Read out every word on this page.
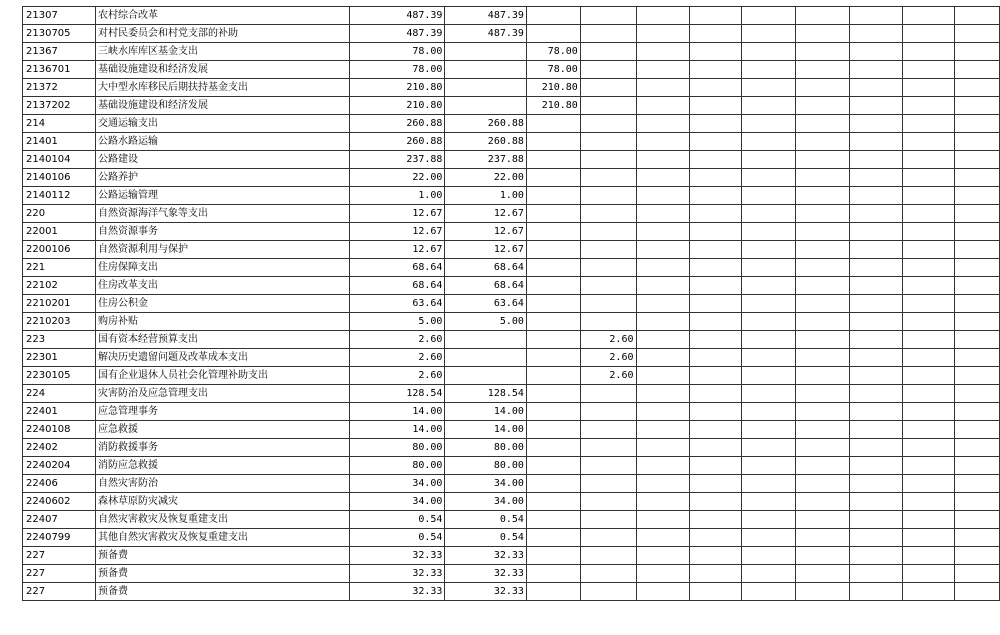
21307	农村综合改革	487.39	487.39									
2130705	对村民委员会和村党支部的补助	487.39	487.39									
21367	三峡水库库区基金支出	78.00		78.00								
2136701	基础设施建设和经济发展	78.00		78.00								
21372	大中型水库移民后期扶持基金支出	210.80		210.80								
2137202	基础设施建设和经济发展	210.80		210.80								
214	交通运输支出	260.88	260.88									
21401	公路水路运输	260.88	260.88									
2140104	公路建设	237.88	237.88									
2140106	公路养护	22.00	22.00									
2140112	公路运输管理	1.00	1.00									
220	自然资源海洋气象等支出	12.67	12.67									
22001	自然资源事务	12.67	12.67									
2200106	自然资源利用与保护	12.67	12.67									
221	住房保障支出	68.64	68.64									
22102	住房改革支出	68.64	68.64									
2210201	住房公积金	63.64	63.64									
2210203	购房补贴	5.00	5.00									
223	国有资本经营预算支出	2.60			2.60							
22301	解决历史遗留问题及改革成本支出	2.60			2.60							
2230105	国有企业退休人员社会化管理补助支出	2.60			2.60							
224	灾害防治及应急管理支出	128.54	128.54									
22401	应急管理事务	14.00	14.00									
2240108	应急救援	14.00	14.00									
22402	消防救援事务	80.00	80.00									
2240204	消防应急救援	80.00	80.00									
22406	自然灾害防治	34.00	34.00									
2240602	森林草原防灾减灾	34.00	34.00									
22407	自然灾害救灾及恢复重建支出	0.54	0.54									
2240799	其他自然灾害救灾及恢复重建支出	0.54	0.54									
227	预备费	32.33	32.33									
227	预备费	32.33	32.33									
227	预备费	32.33	32.33									
